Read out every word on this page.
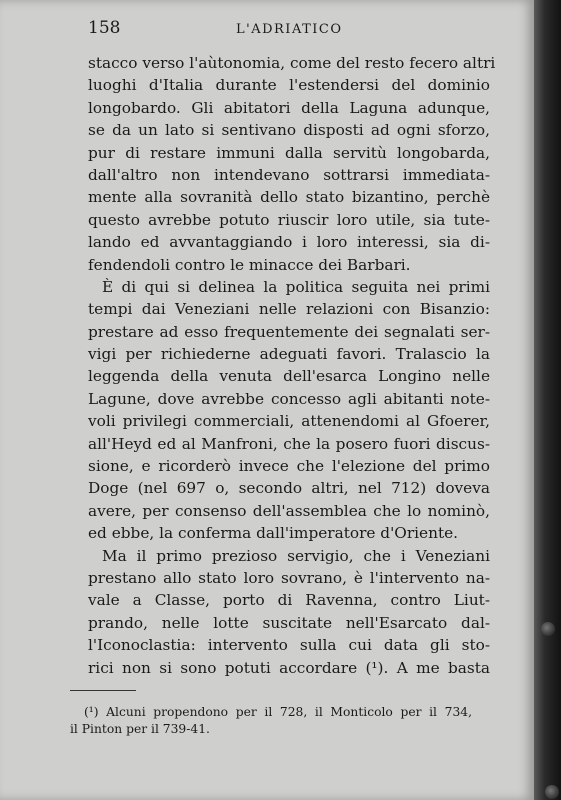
158	L'ADRIATICO
stacco verso l'aùtonomia, come del resto fecero altri
luoghi d'Italia durante l'estendersi del dominio
longobardo. Gli abitatori della Laguna adunque,
se da un lato si sentivano disposti ad ogni sforzo,
pur di restare immuni dalla servitù longobarda,
dall'altro non intendevano sottrarsi immediata-
mente alla sovranità dello stato bizantino, perchè
questo avrebbe potuto riuscir loro utile, sia tute-
lando ed avvantaggiando i loro interessi, sia di-
fendendoli contro le minacce dei Barbari.
È di qui si delinea la politica seguita nei primi
tempi dai Veneziani nelle relazioni con Bisanzio:
prestare ad esso frequentemente dei segnalati ser-
vigi per richiederne adeguati favori. Tralascio la
leggenda della venuta dell'esarca Longino nelle
Lagune, dove avrebbe concesso agli abitanti note-
voli privilegi commerciali, attenendomi al Gfoerer,
all'Heyd ed al Manfroni, che la posero fuori discus-
sione, e ricorderò invece che l'elezione del primo
Doge (nel 697 o, secondo altri, nel 712) doveva
avere, per consenso dell'assemblea che lo nominò,
ed ebbe, la conferma dall'imperatore d'Oriente.
Ma il primo prezioso servigio, che i Veneziani
prestano allo stato loro sovrano, è l'intervento na-
vale a Classe, porto di Ravenna, contro Liut-
prando, nelle lotte suscitate nell'Esarcato dal-
l'Iconoclastia: intervento sulla cui data gli sto-
rici non si sono potuti accordare (¹). A me basta
(¹) Alcuni propendono per il 728, il Monticolo per il 734,
il Pinton per il 739-41.
